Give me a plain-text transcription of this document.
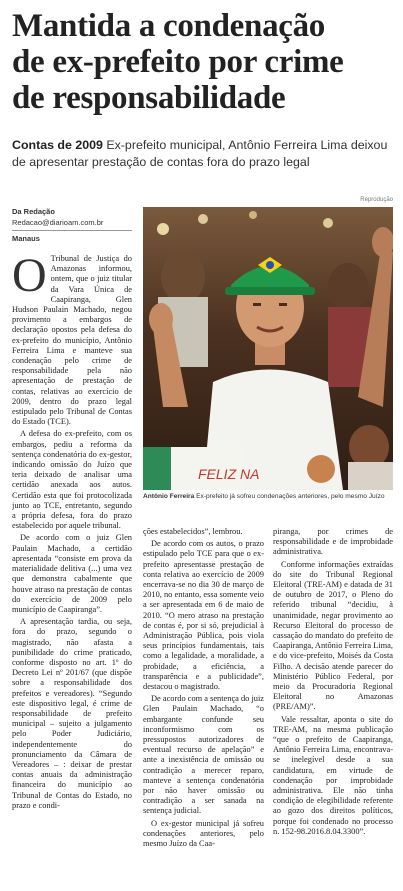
Mantida a condenação
de ex-prefeito por crime
de responsabilidade
Contas de 2009 Ex-prefeito municipal, Antônio Ferreira Lima deixou de apresentar prestação de contas fora do prazo legal
Da Redação
Redacao@diarioam.com.br
Manaus
O Tribunal de Justiça do Amazonas informou, ontem, que o juiz titular da Vara Única de Caapiranga, Glen Hudson Paulain Machado, negou provimento a embargos de declaração opostos pela defesa do ex-prefeito do município, Antônio Ferreira Lima e manteve sua condenação pelo crime de responsabilidade pela não apresentação de prestação de contas, relativas ao exercício de 2009, dentro do prazo legal estipulado pelo Tribunal de Contas do Estado (TCE).

A defesa do ex-prefeito, com os embargos, pediu a reforma da sentença condenatória do ex-gestor, indicando omissão do Juízo que teria deixado de analisar uma certidão anexada aos autos. Certidão esta que foi protocolizada junto ao TCE, entretanto, segundo a própria defesa, fora do prazo estabelecido por aquele tribunal.

De acordo com o juiz Glen Paulain Machado, a certidão apresentada “consiste em prova da materialidade delitiva (...) uma vez que demonstra cabalmente que houve atraso na prestação de contas do exercício de 2009 pelo município de Caapiranga”.

A apresentação tardia, ou seja, fora do prazo, segundo o magistrado, não afasta a punibilidade do crime praticado, conforme disposto no art. 1º do Decreto Lei nº 201/67 (que dispõe sobre a responsabilidade dos prefeitos e vereadores). “Segundo este dispositivo legal, é crime de responsabilidade de prefeito municipal – sujeito a julgamento pelo Poder Judiciário, independentemente do pronunciamento da Câmara de Vereadores – : deixar de prestar contas anuais da administração financeira do município ao Tribunal de Contas do Estado, no prazo e condi-

Reprodução
FELIZ NA
Antônio Ferreira Ex-prefeito já sofreu condenações anteriores, pelo mesmo Juízo

ções estabelecidos”, lembrou.

De acordo com os autos, o prazo estipulado pelo TCE para que o ex-prefeito apresentasse prestação de conta relativa ao exercício de 2009 encerrava-se no dia 30 de março de 2010, no entanto, essa somente veio a ser apresentada em 6 de maio de 2010. “O mero atraso na prestação de contas é, por si só, prejudicial à Administração Pública, pois viola seus princípios fundamentais, tais como a legalidade, a moralidade, a probidade, a eficiência, a transparência e a publicidade”, destacou o magistrado.

De acordo com a sentença do juiz Glen Paulain Machado, “o embargante confunde seu inconformismo com os pressupostos autorizadores de eventual recurso de apelação” e ante a inexistência de omissão ou contradição a merecer reparo, manteve a sentença condenatória por não haver omissão ou contradição a ser sanada na sentença judicial.

O ex-gestor municipal já sofreu condenações anteriores, pelo mesmo Juízo da Caa-

piranga, por crimes de responsabilidade e de improbidade administrativa.

Conforme informações extraídas do site do Tribunal Regional Eleitoral (TRE-AM) e datada de 31 de outubro de 2017, o Pleno do referido tribunal “decidiu, à unanimidade, negar provimento ao Recurso Eleitoral do processo de cassação do mandato do prefeito de Caapiranga, Antônio Ferreira Lima, e do vice-prefeito, Moisés da Costa Filho. A decisão atende parecer do Ministério Público Federal, por meio da Procuradoria Regional Eleitoral no Amazonas (PRE/AM)”.

Vale ressaltar, aponta o site do TRE-AM, na mesma publicação “que o prefeito de Caapiranga, Antônio Ferreira Lima, encontrava-se inelegível desde a sua candidatura, em virtude de condenação por improbidade administrativa. Ele não tinha condição de elegibilidade referente ao gozo dos direitos políticos, porque foi condenado no processo n. 152-98.2016.8.04.3300”.
